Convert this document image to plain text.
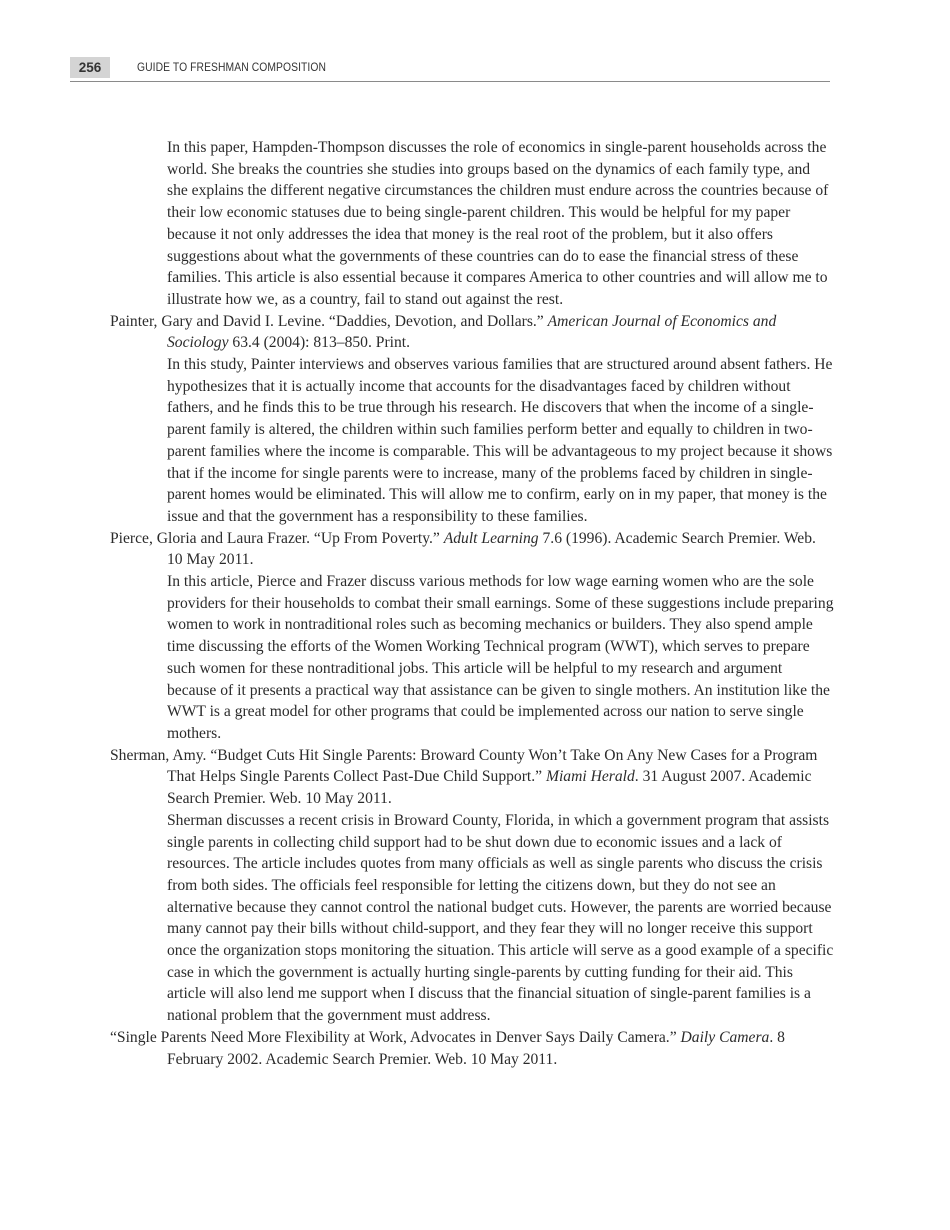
256	GUIDE TO FRESHMAN COMPOSITION

In this paper, Hampden-Thompson discusses the role of economics in single-parent households across the world. She breaks the countries she studies into groups based on the dynamics of each family type, and she explains the different negative circumstances the children must endure across the countries because of their low economic statuses due to being single-parent children. This would be helpful for my paper because it not only addresses the idea that money is the real root of the problem, but it also offers suggestions about what the governments of these countries can do to ease the financial stress of these families. This article is also essential because it compares America to other countries and will allow me to illustrate how we, as a country, fail to stand out against the rest.

Painter, Gary and David I. Levine. “Daddies, Devotion, and Dollars.” American Journal of Economics and Sociology 63.4 (2004): 813–850. Print.

In this study, Painter interviews and observes various families that are structured around absent fathers. He hypothesizes that it is actually income that accounts for the disadvantages faced by children without fathers, and he finds this to be true through his research. He discovers that when the income of a single-parent family is altered, the children within such families perform better and equally to children in two-parent families where the income is comparable. This will be advantageous to my project because it shows that if the income for single parents were to increase, many of the problems faced by children in single-parent homes would be eliminated. This will allow me to confirm, early on in my paper, that money is the issue and that the government has a responsibility to these families.

Pierce, Gloria and Laura Frazer. “Up From Poverty.” Adult Learning 7.6 (1996). Academic Search Premier. Web. 10 May 2011.

In this article, Pierce and Frazer discuss various methods for low wage earning women who are the sole providers for their households to combat their small earnings. Some of these suggestions include preparing women to work in nontraditional roles such as becoming mechanics or builders. They also spend ample time discussing the efforts of the Women Working Technical program (WWT), which serves to prepare such women for these nontraditional jobs. This article will be helpful to my research and argument because of it presents a practical way that assistance can be given to single mothers. An institution like the WWT is a great model for other programs that could be implemented across our nation to serve single mothers.

Sherman, Amy. “Budget Cuts Hit Single Parents: Broward County Won’t Take On Any New Cases for a Program That Helps Single Parents Collect Past-Due Child Support.” Miami Herald. 31 August 2007. Academic Search Premier. Web. 10 May 2011.

Sherman discusses a recent crisis in Broward County, Florida, in which a government program that assists single parents in collecting child support had to be shut down due to economic issues and a lack of resources. The article includes quotes from many officials as well as single parents who discuss the crisis from both sides. The officials feel responsible for letting the citizens down, but they do not see an alternative because they cannot control the national budget cuts. However, the parents are worried because many cannot pay their bills without child-support, and they fear they will no longer receive this support once the organization stops monitoring the situation. This article will serve as a good example of a specific case in which the government is actually hurting single-parents by cutting funding for their aid. This article will also lend me support when I discuss that the financial situation of single-parent families is a national problem that the government must address.

“Single Parents Need More Flexibility at Work, Advocates in Denver Says Daily Camera.” Daily Camera. 8 February 2002. Academic Search Premier. Web. 10 May 2011.
